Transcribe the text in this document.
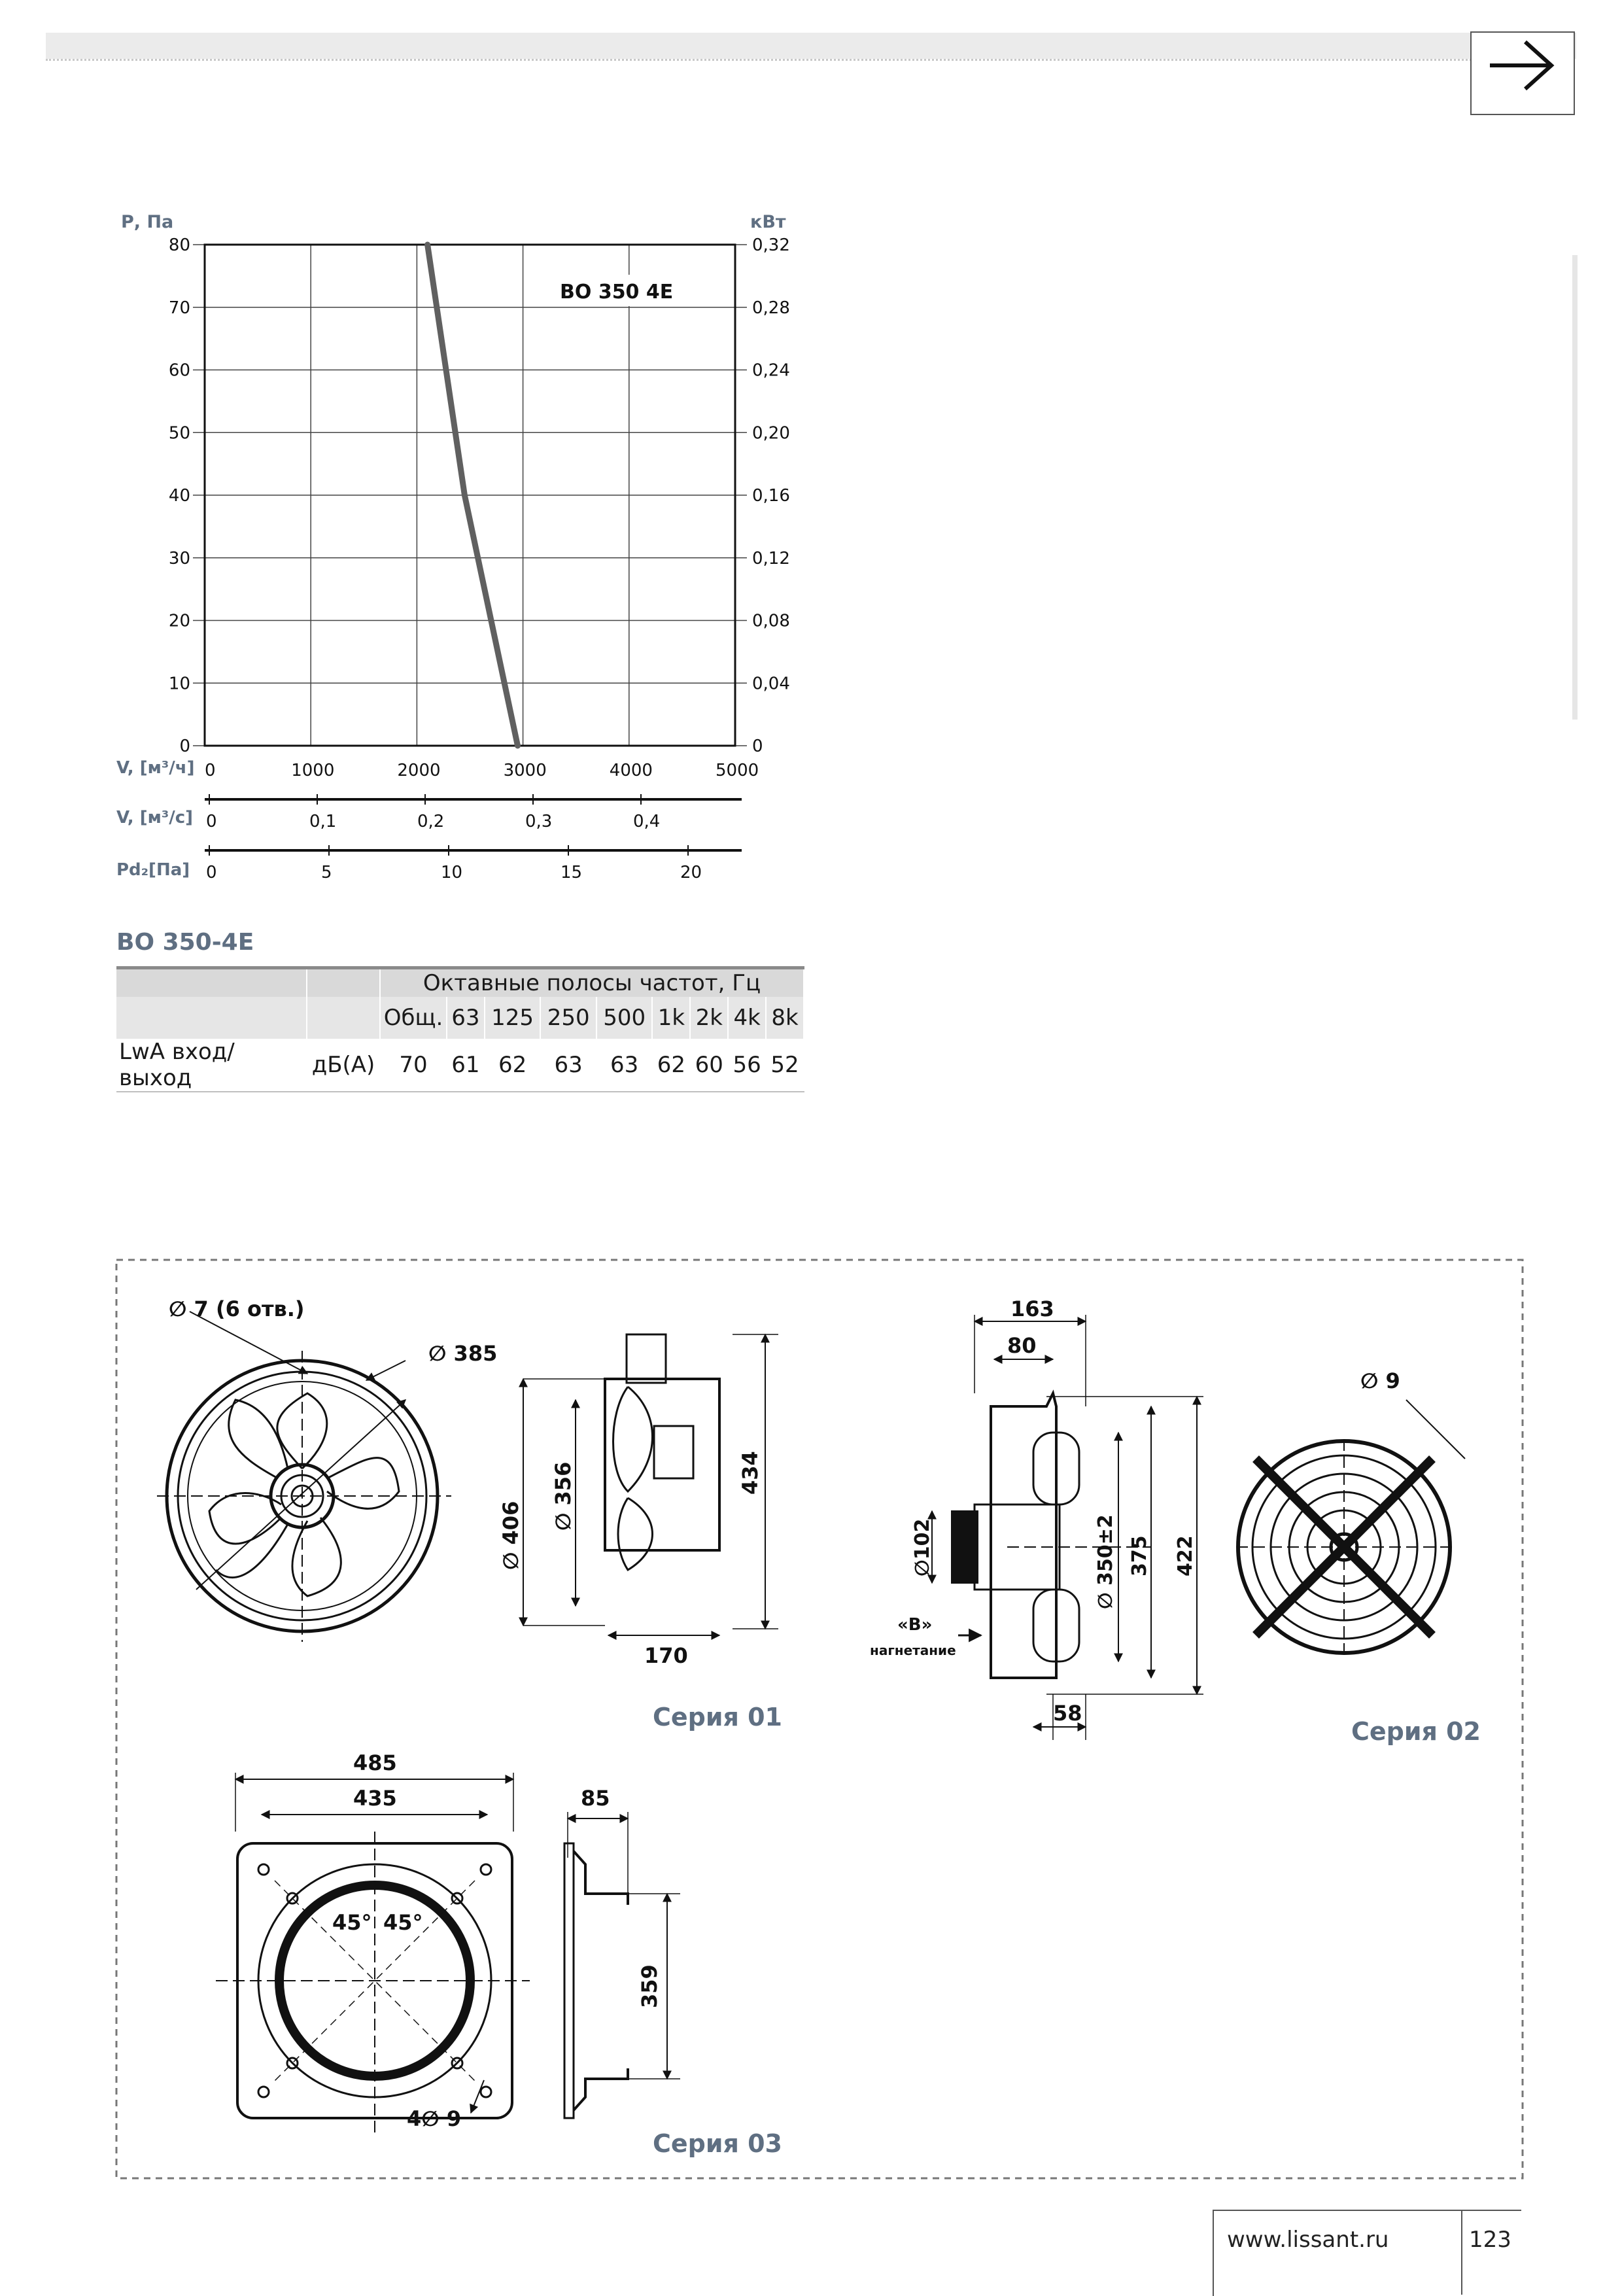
Р, Па	кВт
ВО 350 4Е
0
10
20
30
40
50
60
70
80
0
0,04
0,08
0,12
0,16
0,20
0,24
0,28
0,32
0	1000	2000	3000	4000	5000
V, [м³/ч]
V, [м³/с] 0	0,1	0,2	0,3	0,4
Pd₂[Па] 0	5	10	15	20
ВО 350-4Е
		Октавные полосы частот, Гц								
		Общ.	63	125	250	500	1k	2k	4k	8k
LwA вход/выход	дБ(А)	70	61	62	63	63	62	60	56	52
∅ 7 (6 отв.)
∅ 385
∅ 406
∅ 356	434
170
Серия 01
163
80
∅102	∅ 350±2 375 422
«В»
нагнетание
58
∅ 9
Серия 02
485
435
45° 45°
4∅ 9
85
359
Серия 03
www.lissant.ru	123
